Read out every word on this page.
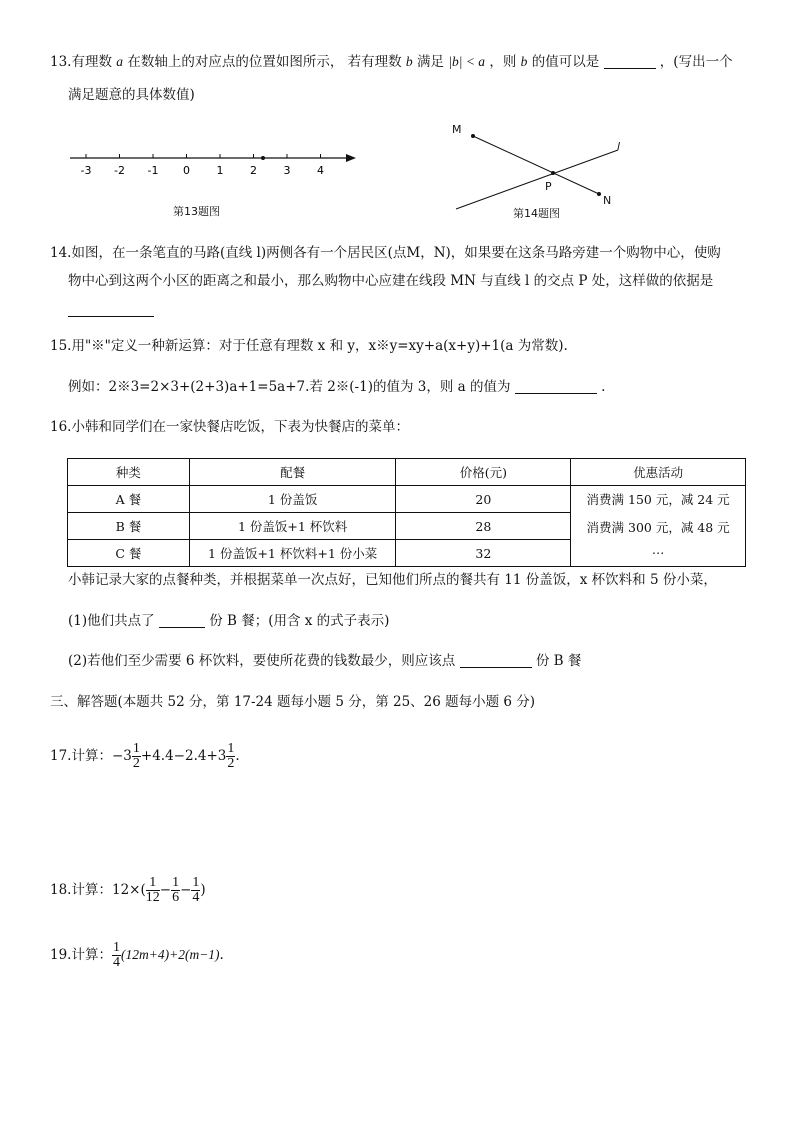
13.有理数 a 在数轴上的对应点的位置如图所示， 若有理数 b 满足 |b| < a ，则 b 的值可以是	，(写出一个
满足题意的具体数值)
-3 -2 -1 0 1 2 3 4
第13题图
M
N
P
l
第14题图
14.如图，在一条笔直的马路(直线 l)两侧各有一个居民区(点M，N)，如果要在这条马路旁建一个购物中心，使购
物中心到这两个小区的距离之和最小，那么购物中心应建在线段 MN 与直线 l 的交点 P 处，这样做的依据是
15.用"※"定义一种新运算：对于任意有理数 x 和 y，x※y=xy+a(x+y)+1(a 为常数).
例如：2※3=2×3+(2+3)a+1=5a+7.若 2※(-1)的值为 3，则 a 的值为	.
16.小韩和同学们在一家快餐店吃饭，下表为快餐店的菜单：
种类	配餐	价格(元)	优惠活动
A 餐	1 份盖饭	20	消费满 150 元，减 24 元
消费满 300 元，减 48 元
…

B 餐	1 份盖饭+1 杯饮料	28	
C 餐	1 份盖饭+1 杯饮料+1 份小菜	32	
小韩记录大家的点餐种类，并根据菜单一次点好，已知他们所点的餐共有 11 份盖饭，x 杯饮料和 5 份小菜，
(1)他们共点了	份 B 餐；(用含 x 的式子表示)
(2)若他们至少需要 6 杯饮料，要使所花费的钱数最少，则应该点	份 B 餐
三、解答题(本题共 52 分，第 17-24 题每小题 5 分，第 25、26 题每小题 6 分)
17.计算： $-3 \frac{1}{2} +4.4-2.4+3 \frac{1}{2}$ .
18.计算： $12\times( \frac{1}{12} - \frac{1}{6} - \frac{1}{4}$ )
19.计算： $\frac{1}{4} (12m+4)+2(m-1)$ .
